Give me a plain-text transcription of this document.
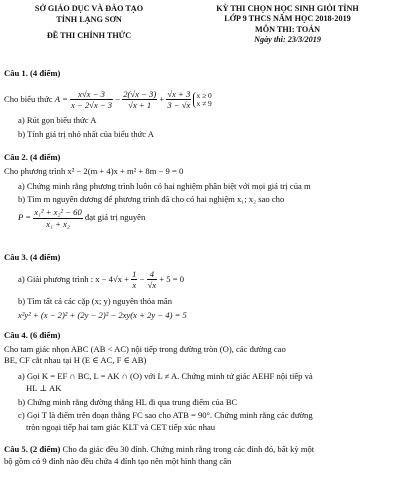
SỞ GIÁO DỤC VÀ ĐÀO TẠO
TỈNH LẠNG SƠN
ĐỀ THI CHÍNH THỨC
KỲ THI CHỌN HỌC SINH GIỎI TỈNH
LỚP 9 THCS NĂM HỌC 2018-2019
MÔN THI: TOÁN
Ngày thi: 23/3/2019
Câu 1. (4 điểm)
Cho biểu thức $A = \frac{x√x - 3}{x - 2√x - 3} - \frac{2(√x - 3)}{√x + 1} + \frac{√x + 3}{3 - √x}$
x ≥ 0
x ≠ 9
a) Rút gọn biểu thức A
b) Tính giá trị nhỏ nhất của biểu thức A
Câu 2. (4 điểm)
Cho phương trình x² − 2(m + 4)x + m² + 8m − 9 = 0
a) Chứng minh rằng phương trình luôn có hai nghiệm phân biệt với mọi giá trị của m
b) Tìm m nguyên dương để phương trình đã cho có hai nghiệm x₁; x₂ sao cho
$P = \frac{\text{x₁² + x₂² − 60}}{\text{x₁ + x₂}}$ đạt giá trị nguyên
Câu 3. (4 điểm)
a) Giải phương trình : $x - 4√x + \frac{1}{x} - \frac{4}{√x} + 5 = 0$
b) Tìm tất cả các cặp (x; y) nguyên thỏa mãn
x²y² + (x − 2)² + (2y − 2)² − 2xy(x + 2y − 4) = 5
Câu 4. (6 điểm)
Cho tam giác nhọn ABC (AB < AC) nội tiếp trong đường tròn (O), các đường cao
BE, CF cắt nhau tại H (E ∈ AC, F ∈ AB)
a) Gọi K = EF ∩ BC, L = AK ∩ (O) với L ≠ A. Chứng minh tứ giác AEHF nội tiếp và
HL ⊥ AK
b) Chứng minh rằng đường thẳng HL đi qua trung điểm của BC
c) Gọi T là điểm trên đoạn thẳng FC sao cho ATB = 90°. Chứng minh rằng các đường
tròn ngoại tiếp hai tam giác KLT và CET tiếp xúc nhau
Câu 5. (2 điểm) Cho đa giác đều 30 đỉnh. Chứng minh rằng trong các đỉnh đó, bất kỳ một
bộ gồm có 9 đỉnh nào đều chứa 4 đỉnh tạo nên một hình thang cân
